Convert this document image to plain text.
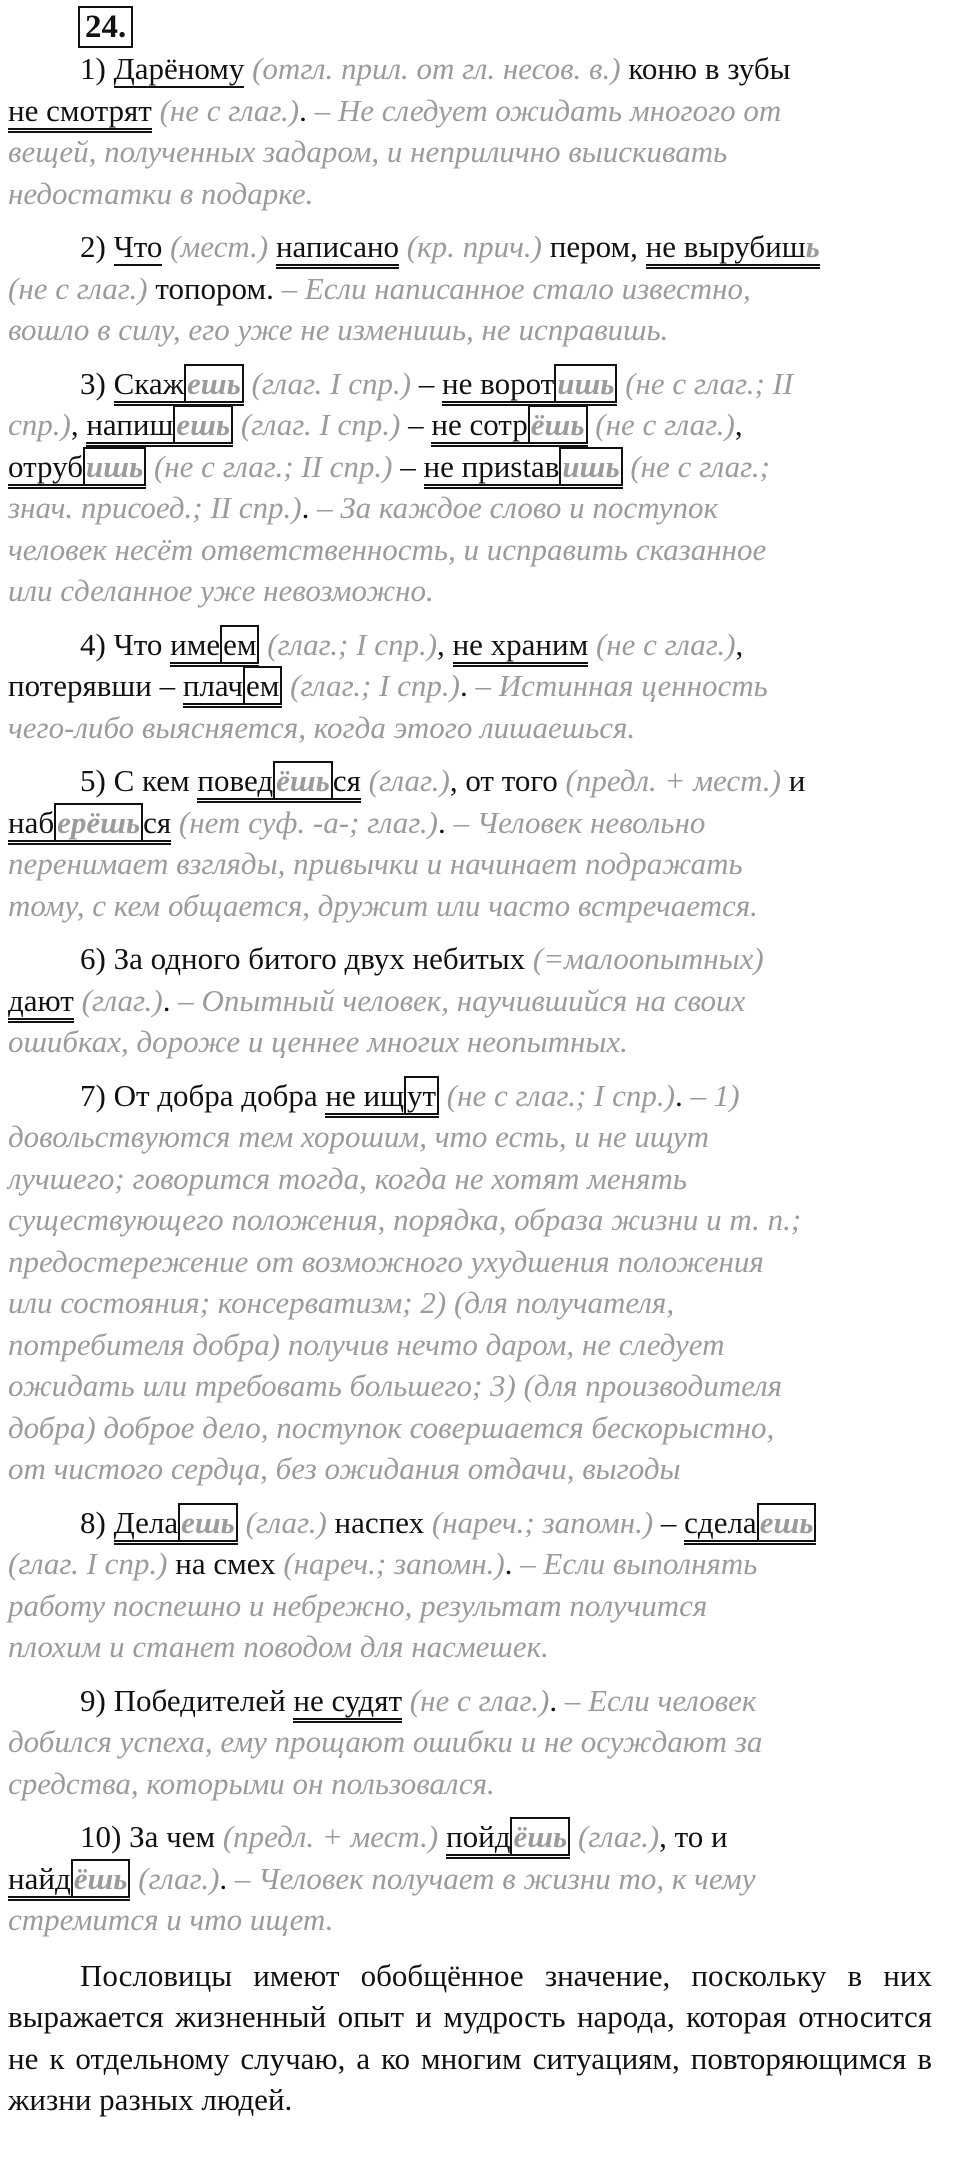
24.
1) Дарёному (отгл. прил. от гл. несов. в.) коню в зубы
не смотрят (не с глаг.). – Не следует ожидать многого от
вещей, полученных задаром, и неприлично выискивать
недостатки в подарке.
2) Что (мест.) написано (кр. прич.) пером, не вырубишь
(не с глаг.) топором. – Если написанное стало известно,
вошло в силу, его уже не изменишь, не исправишь.
3) Скажешь (глаг. I спр.) – не воротишь (не с глаг.; II
спр.), напишешь (глаг. I спр.) – не сотрёшь (не с глаг.),
отрубишь (не с глаг.; II спр.) – не приstавишь (не с глаг.;
знач. присоед.; II спр.). – За каждое слово и поступок
человек несёт ответственность, и исправить сказанное
или сделанное уже невозможно.
4) Что имеем (глаг.; I спр.), не храним (не с глаг.),
потерявши – плачем (глаг.; I спр.). – Истинная ценность
чего-либо выясняется, когда этого лишаешься.
5) С кем поведёшься (глаг.), от того (предл. + мест.) и
наберёшься (нет суф. -а-; глаг.). – Человек невольно
перенимает взгляды, привычки и начинает подражать
тому, с кем общается, дружит или часто встречается.
6) За одного битого двух небитых (=малоопытных)
дают (глаг.). – Опытный человек, научившийся на своих
ошибках, дороже и ценнее многих неопытных.
7) От добра добра не ищут (не с глаг.; I спр.). – 1)
довольствуются тем хорошим, что есть, и не ищут
лучшего; говорится тогда, когда не хотят менять
существующего положения, порядка, образа жизни и т. п.;
предостережение от возможного ухудшения положения
или состояния; консерватизм; 2) (для получателя,
потребителя добра) получив нечто даром, не следует
ожидать или требовать большего; 3) (для производителя
добра) доброе дело, поступок совершается бескорыстно,
от чистого сердца, без ожидания отдачи, выгоды
8) Делаешь (глаг.) наспех (нареч.; запомн.) – сделаешь
(глаг. I спр.) на смех (нареч.; запомн.). – Если выполнять
работу поспешно и небрежно, результат получится
плохим и станет поводом для насмешек.
9) Победителей не судят (не с глаг.). – Если человек
добился успеха, ему прощают ошибки и не осуждают за
средства, которыми он пользовался.
10) За чем (предл. + мест.) пойдёшь (глаг.), то и
найдёшь (глаг.). – Человек получает в жизни то, к чему
стремится и что ищет.

Пословицы имеют обобщённое значение, поскольку в них выражается жизненный опыт и мудрость народа, которая относится не к отдельному случаю, а ко многим ситуациям, повторяющимся в жизни разных людей.
